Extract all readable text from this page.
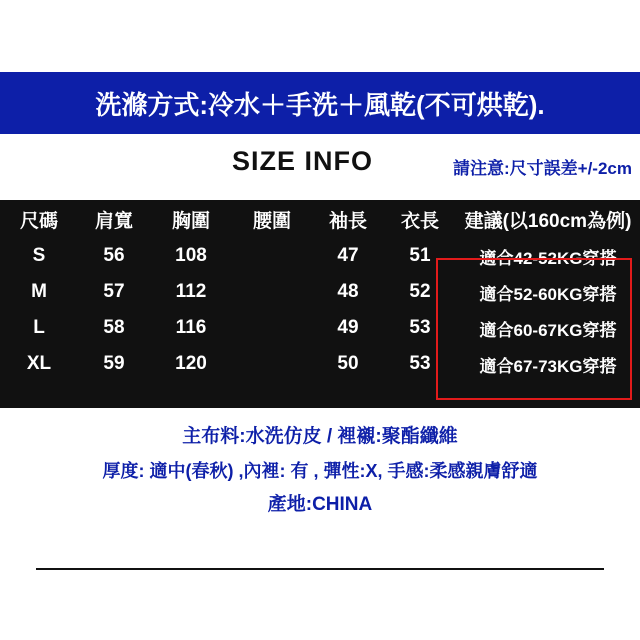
洗滌方式:冷水＋手洗＋風乾(不可烘乾).
SIZE INFO	請注意:尺寸誤差+/-2cm
尺碼	肩寬	胸圍	腰圍	袖長	衣長	建議(以160cm為例)
S	56	108		47	51	適合42-52KG穿搭
M	57	112		48	52	適合52-60KG穿搭
L	58	116		49	53	適合60-67KG穿搭
XL	59	120		50	53	適合67-73KG穿搭
主布料:水洗仿皮 / 裡襯:聚酯纖維
厚度: 適中(春秋) ,內裡: 有 , 彈性:X, 手感:柔感親膚舒適
產地:CHINA
